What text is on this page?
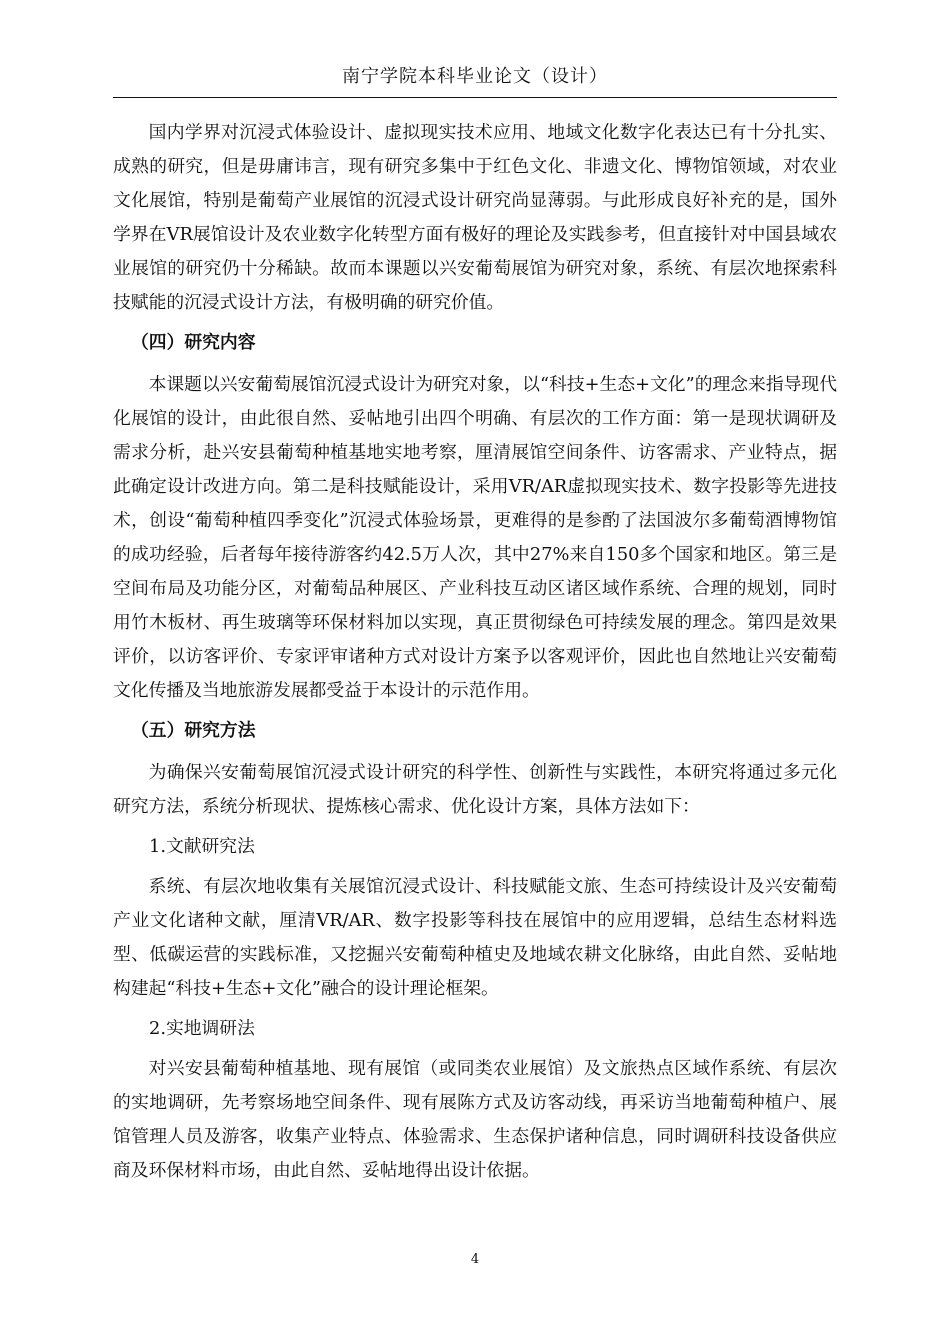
南宁学院本科毕业论文（设计）

国内学界对沉浸式体验设计、虚拟现实技术应用、地域文化数字化表达已有十分扎实、成熟的研究，但是毋庸讳言，现有研究多集中于红色文化、非遗文化、博物馆领域，对农业文化展馆，特别是葡萄产业展馆的沉浸式设计研究尚显薄弱。与此形成良好补充的是，国外学界在VR展馆设计及农业数字化转型方面有极好的理论及实践参考，但直接针对中国县域农业展馆的研究仍十分稀缺。故而本课题以兴安葡萄展馆为研究对象，系统、有层次地探索科技赋能的沉浸式设计方法，有极明确的研究价值。

（四）研究内容

本课题以兴安葡萄展馆沉浸式设计为研究对象，以“科技+生态+文化”的理念来指导现代化展馆的设计，由此很自然、妥帖地引出四个明确、有层次的工作方面：第一是现状调研及需求分析，赴兴安县葡萄种植基地实地考察，厘清展馆空间条件、访客需求、产业特点，据此确定设计改进方向。第二是科技赋能设计，采用VR/AR虚拟现实技术、数字投影等先进技术，创设“葡萄种植四季变化”沉浸式体验场景，更难得的是参酌了法国波尔多葡萄酒博物馆的成功经验，后者每年接待游客约42.5万人次，其中27%来自150多个国家和地区。第三是空间布局及功能分区，对葡萄品种展区、产业科技互动区诸区域作系统、合理的规划，同时用竹木板材、再生玻璃等环保材料加以实现，真正贯彻绿色可持续发展的理念。第四是效果评价，以访客评价、专家评审诸种方式对设计方案予以客观评价，因此也自然地让兴安葡萄文化传播及当地旅游发展都受益于本设计的示范作用。

（五）研究方法

为确保兴安葡萄展馆沉浸式设计研究的科学性、创新性与实践性，本研究将通过多元化研究方法，系统分析现状、提炼核心需求、优化设计方案，具体方法如下：

1.文献研究法

系统、有层次地收集有关展馆沉浸式设计、科技赋能文旅、生态可持续设计及兴安葡萄产业文化诸种文献，厘清VR/AR、数字投影等科技在展馆中的应用逻辑，总结生态材料选型、低碳运营的实践标准，又挖掘兴安葡萄种植史及地域农耕文化脉络，由此自然、妥帖地构建起“科技+生态+文化”融合的设计理论框架。

2.实地调研法

对兴安县葡萄种植基地、现有展馆（或同类农业展馆）及文旅热点区域作系统、有层次的实地调研，先考察场地空间条件、现有展陈方式及访客动线，再采访当地葡萄种植户、展馆管理人员及游客，收集产业特点、体验需求、生态保护诸种信息，同时调研科技设备供应商及环保材料市场，由此自然、妥帖地得出设计依据。

4
